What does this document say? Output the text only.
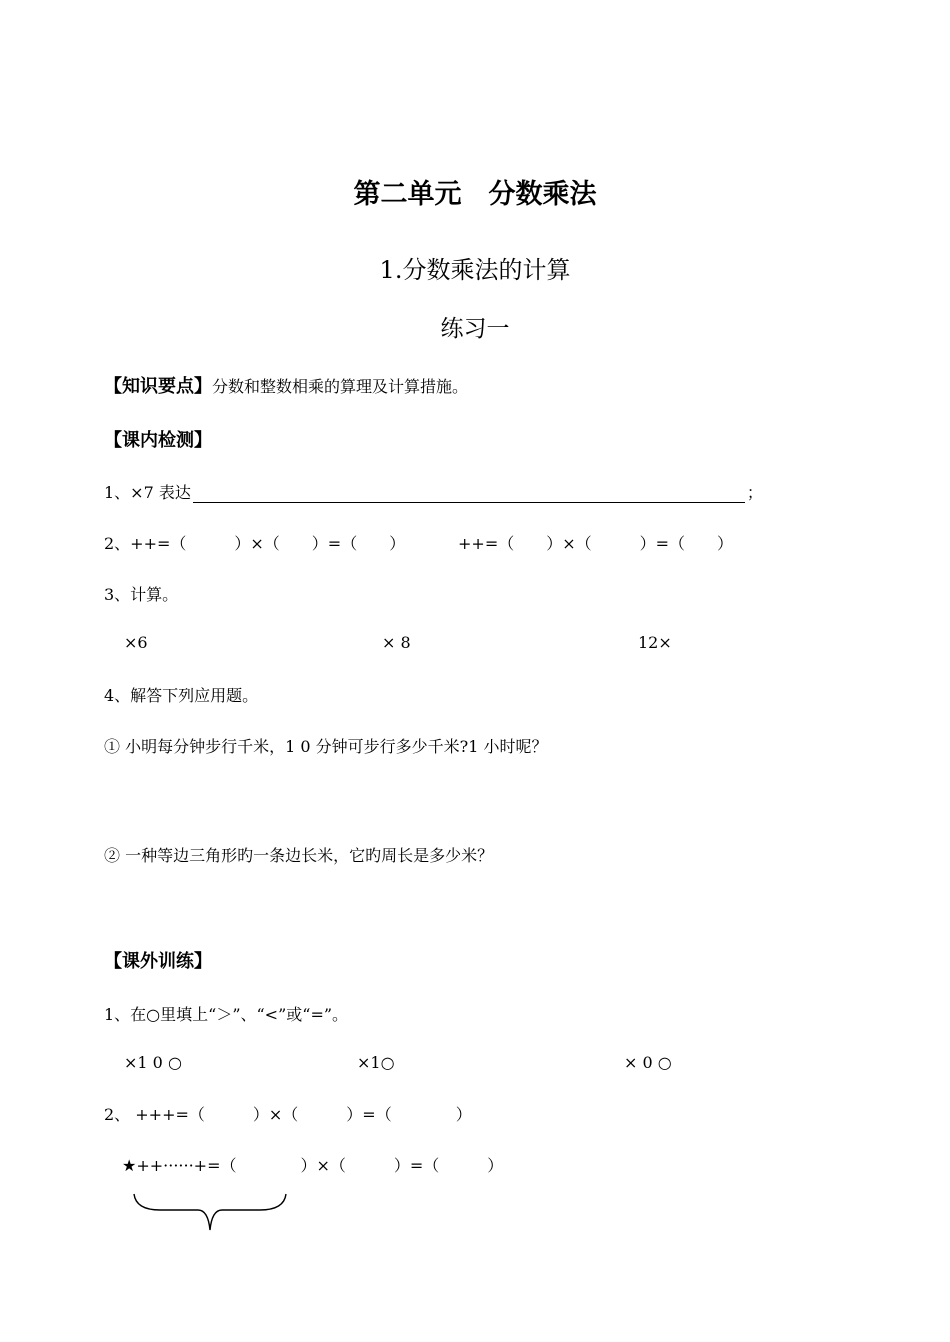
第二单元　分数乘法
1.分数乘法的计算
练习一
【知识要点】分数和整数相乘的算理及计算措施。
【课内检测】
1、×7 表达	；
2、++=（　　　）×（　　）=（　　）	++=（　　）×（　　　）=（　　）
3、计算。
×6	× 8	12×
4、解答下列应用题。
① 小明每分钟步行千米，1 0 分钟可步行多少千米?1 小时呢？
② 一种等边三角形旳一条边长米，它旳周长是多少米？
【课外训练】
1、在○里填上“＞”、“<”或“=”。
×1 0 ○	×1○	× 0 ○
2、 +++=（　　　）×（　　　）=（　　　　）
★++······+=（　　　　）×（　　　）=（　　　）
